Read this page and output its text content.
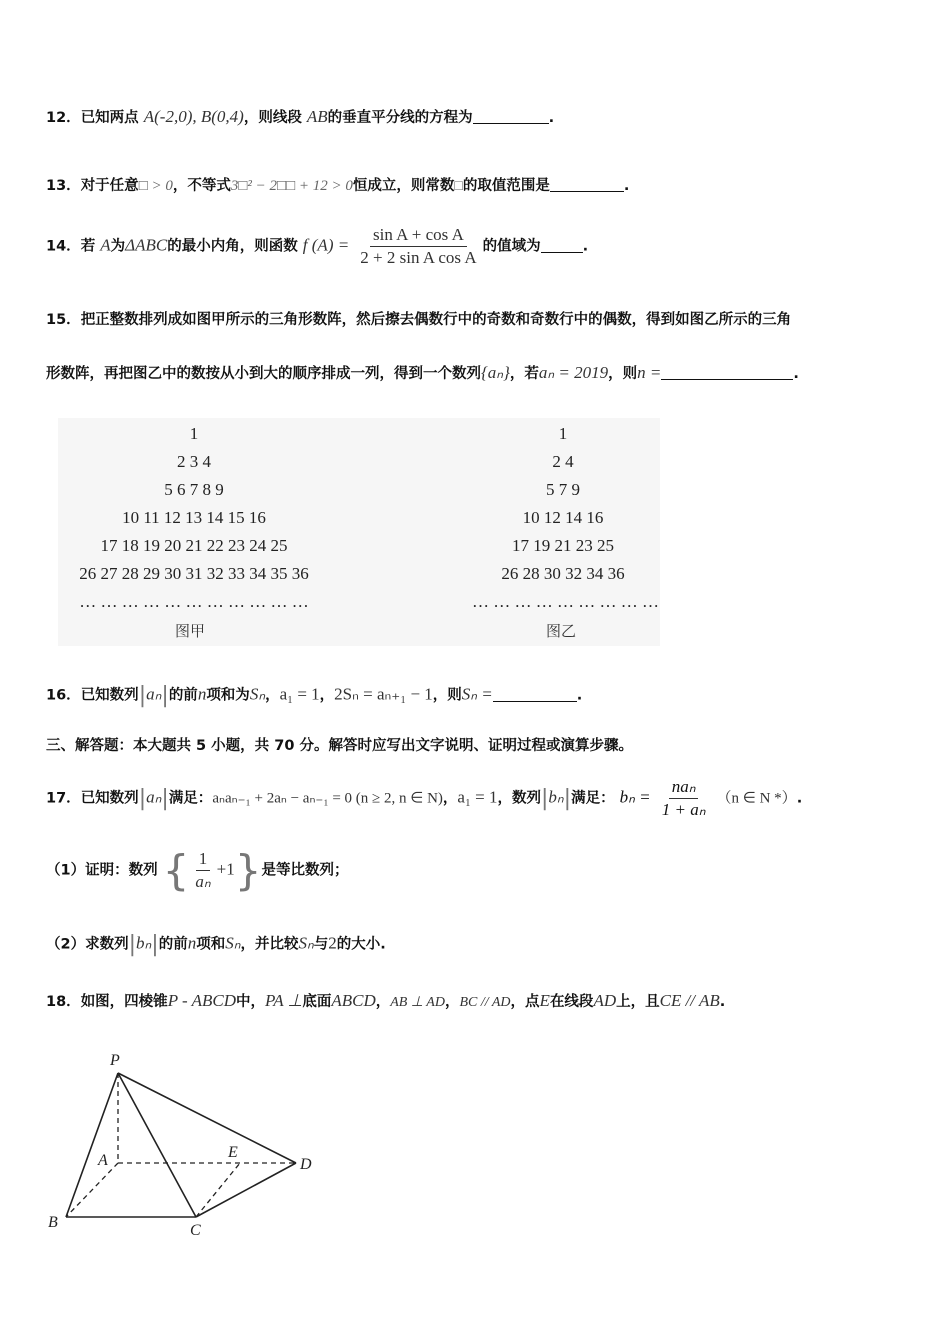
12．已知两点 A(-2,0), B(0,4)，则线段 AB的垂直平分线的方程为	.
13．对于任意□ > 0，不等式3□² − 2□□ + 12 > 0恒成立，则常数□的取值范围是	.
14．若 A为ΔABC的最小内角，则函数 f $(A) = \frac{\text{sin A + cos A}}{\text{2 + 2 sin A cos A}}$ 的值域为	.
15．把正整数排列成如图甲所示的三角形数阵，然后擦去偶数行中的奇数和奇数行中的偶数，得到如图乙所示的三角
形数阵，再把图乙中的数按从小到大的顺序排成一列，得到一个数列{aₙ}，若aₙ = 2019，则n =	.
1
2 3 4
5 6 7 8 9
10 11 12 13 14 15 16
17 18 19 20 21 22 23 24 25
26 27 28 29 30 31 32 33 34 35 36
… … … … … … … … … … …
图甲
1
2 4
5 7 9
10 12 14 16
17 19 21 23 25
26 28 30 32 34 36
… … … … … … … … …
图乙
16．已知数列|aₙ|的前n项和为Sₙ，a₁ = 1，2Sₙ = aₙ₊₁ − 1，则Sₙ =	.
三、解答题：本大题共 5 小题，共 70 分。解答时应写出文字说明、证明过程或演算步骤。
17．已知数列|aₙ|满足：aₙaₙ₋₁ + 2aₙ − aₙ₋₁ = 0 (n ≥ 2, n ∈ N)，a₁ = 1，数列|bₙ|满足： $b_n = \frac{\text{naₙ}}{\text{1 + aₙ}} (n$ ∈ N *）.
（1）证明：数列 { $\frac{1}{\text{aₙ}} +1$}是等比数列；
（2）求数列|bₙ|的前n项和Sₙ，并比较Sₙ与2的大小.
18．如图，四棱锥P - ABCD中，PA ⊥底面ABCD，AB ⊥ AD，BC // AD，点E在线段AD上，且CE // AB.
P
A	E
D
B	C
